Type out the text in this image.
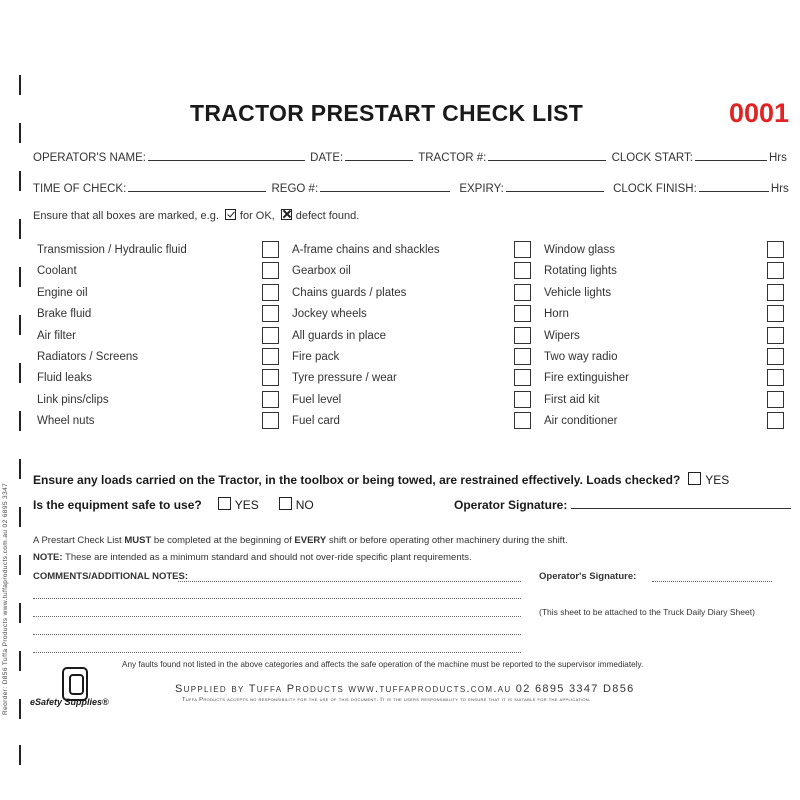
Reorder: D856 Tuffa Products www.tuffaproducts.com.au 02 6895 3347
TRACTOR PRESTART CHECK LIST	0001
OPERATOR'S NAME:	DATE:	TRACTOR #:	CLOCK START:	Hrs
TIME OF CHECK:	REGO #:	EXPIRY:	CLOCK FINISH:	Hrs
Ensure that all boxes are marked, e.g. for OK, defect found.
Transmission / Hydraulic fluid
Coolant
Engine oil
Brake fluid
Air filter
Radiators / Screens
Fluid leaks
Link pins/clips
Wheel nuts
A-frame chains and shackles
Gearbox oil
Chains guards / plates
Jockey wheels
All guards in place
Fire pack
Tyre pressure / wear
Fuel level
Fuel card
Window glass
Rotating lights
Vehicle lights
Horn
Wipers
Two way radio
Fire extinguisher
First aid kit
Air conditioner
Ensure any loads carried on the Tractor, in the toolbox or being towed, are restrained effectively. Loads checked? YES
Is the equipment safe to use?	YES	NO	Operator Signature:
A Prestart Check List MUST be completed at the beginning of EVERY shift or before operating other machinery during the shift.
NOTE: These are intended as a minimum standard and should not over-ride specific plant requirements.
COMMENTS/ADDITIONAL NOTES:	Operator's Signature:
(This sheet to be attached to the Truck Daily Diary Sheet)
Any faults found not listed in the above categories and affects the safe operation of the machine must be reported to the supervisor immediately.
eSafety Supplies®
Supplied by Tuffa Products www.tuffaproducts.com.au 02 6895 3347 D856
Tuffa Products accepts no responsibility for the use of this document. It is the users responsibility to ensure that it is suitable for the application.
